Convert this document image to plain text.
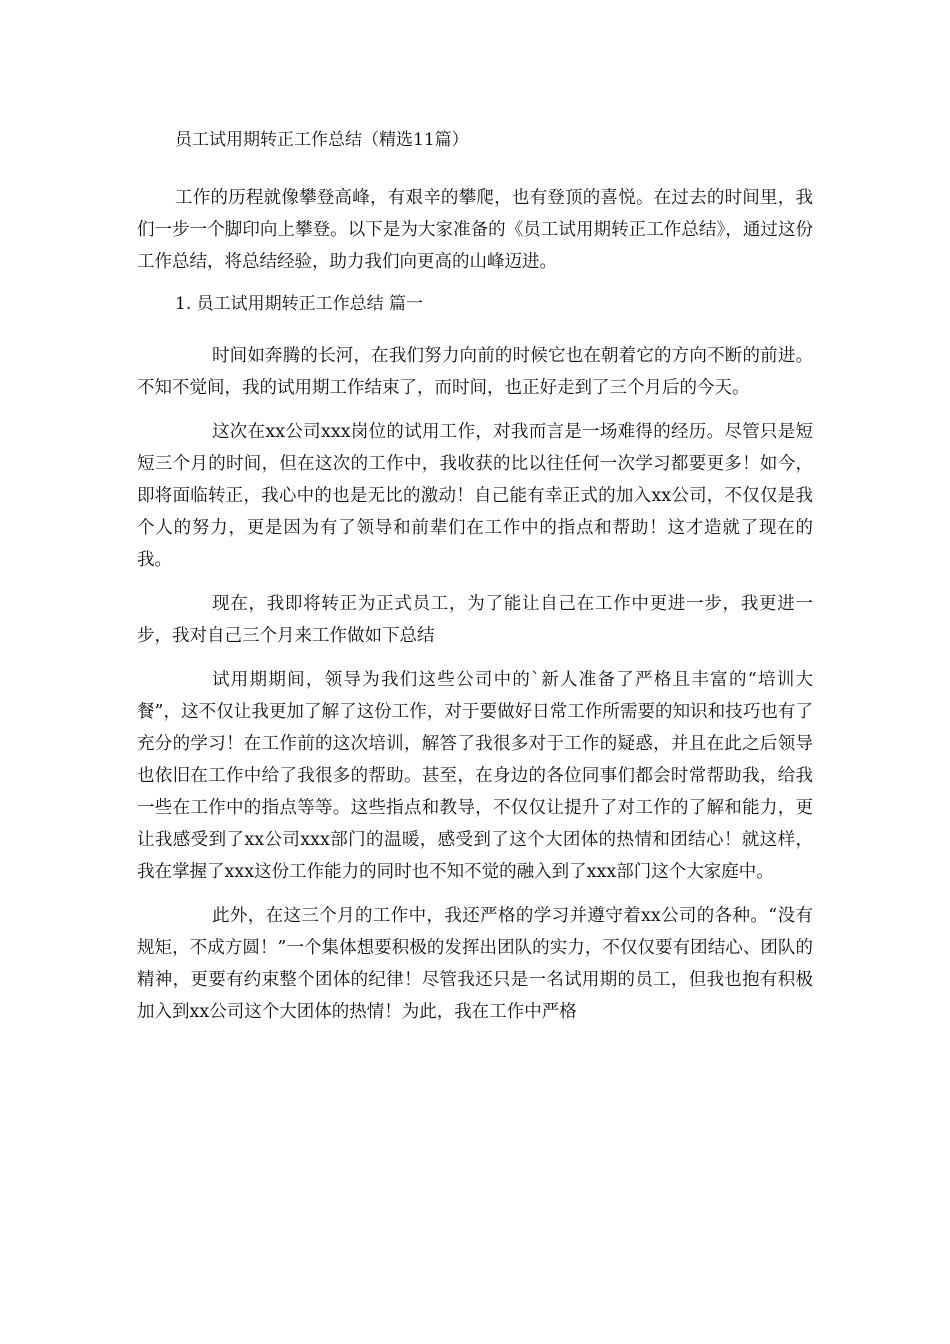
员工试用期转正工作总结（精选11篇）

工作的历程就像攀登高峰，有艰辛的攀爬，也有登顶的喜悦。在过去的时间里，我们一步一个脚印向上攀登。以下是为大家准备的《员工试用期转正工作总结》，通过这份工作总结，将总结经验，助力我们向更高的山峰迈进。

1. 员工试用期转正工作总结 篇一

时间如奔腾的长河，在我们努力向前的时候它也在朝着它的方向不断的前进。不知不觉间，我的试用期工作结束了，而时间，也正好走到了三个月后的今天。

这次在xx公司xxx岗位的试用工作，对我而言是一场难得的经历。尽管只是短短三个月的时间，但在这次的工作中，我收获的比以往任何一次学习都要更多！如今，即将面临转正，我心中的也是无比的激动！自己能有幸正式的加入xx公司，不仅仅是我个人的努力，更是因为有了领导和前辈们在工作中的指点和帮助！这才造就了现在的我。

现在，我即将转正为正式员工，为了能让自己在工作中更进一步，我更进一步，我对自己三个月来工作做如下总结

试用期期间，领导为我们这些公司中的`新人准备了严格且丰富的“培训大餐”，这不仅让我更加了解了这份工作，对于要做好日常工作所需要的知识和技巧也有了充分的学习！在工作前的这次培训，解答了我很多对于工作的疑惑，并且在此之后领导也依旧在工作中给了我很多的帮助。甚至，在身边的各位同事们都会时常帮助我，给我一些在工作中的指点等等。这些指点和教导，不仅仅让提升了对工作的了解和能力，更让我感受到了xx公司xxx部门的温暖，感受到了这个大团体的热情和团结心！就这样，我在掌握了xxx这份工作能力的同时也不知不觉的融入到了xxx部门这个大家庭中。

此外，在这三个月的工作中，我还严格的学习并遵守着xx公司的各种。“没有规矩，不成方圆！”一个集体想要积极的发挥出团队的实力，不仅仅要有团结心、团队的精神，更要有约束整个团体的纪律！尽管我还只是一名试用期的员工，但我也抱有积极加入到xx公司这个大团体的热情！为此，我在工作中严格
